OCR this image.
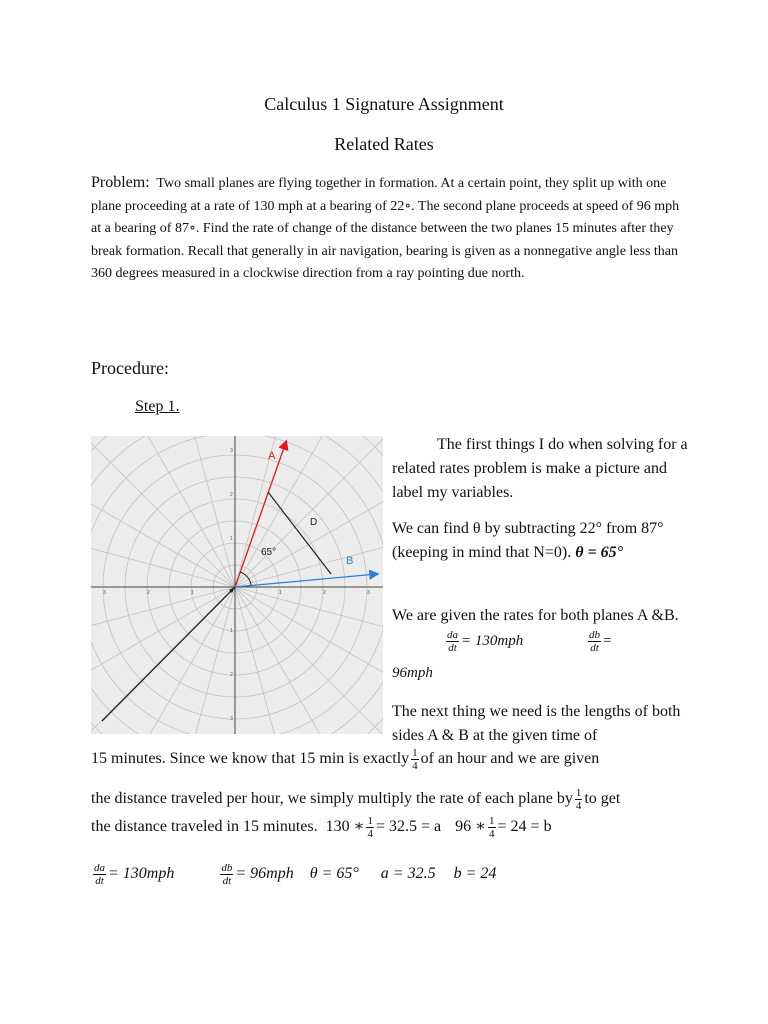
Calculus 1 Signature Assignment
Related Rates
Problem: Two small planes are flying together in formation. At a certain point, they split up with one plane proceeding at a rate of 130 mph at a bearing of 22∘. The second plane proceeds at speed of 96 mph at a bearing of 87∘. Find the rate of change of the distance between the two planes 15 minutes after they break formation. Recall that generally in air navigation, bearing is given as a nonnegative angle less than 360 degrees measured in a clockwise direction from a ray pointing due north.
Procedure:
Step 1.
3	2	1	1	2	3
3
2
1
1
2
3
A
B
D
65°
The first things I do when solving for a related rates problem is make a picture and label my variables.
We can find θ by subtracting 22° from 87° (keeping in mind that N=0). θ = 65°
We are given the rates for both planes A &B.
$\frac{da}{dt} = 130mph$	$\frac{db}{dt}$ =
96mph
The next thing we need is the lengths of both sides A & B at the given time of
15 minutes. Since we know that 15 min is exactly $\frac{1}{4}$ of an hour and we are given
the distance traveled per hour, we simply multiply the rate of each plane by $\frac{1}{4}$ to get
the distance traveled in 15 minutes. 130 ∗ $\frac{1}{4} = 32.5 = a$ 96 ∗ $\frac{1}{4} = 24 = b$
$\frac{da}{dt} = 130mph$	$\frac{db}{dt} = 96mph$ θ = 65° a = 32.5 b = 24
